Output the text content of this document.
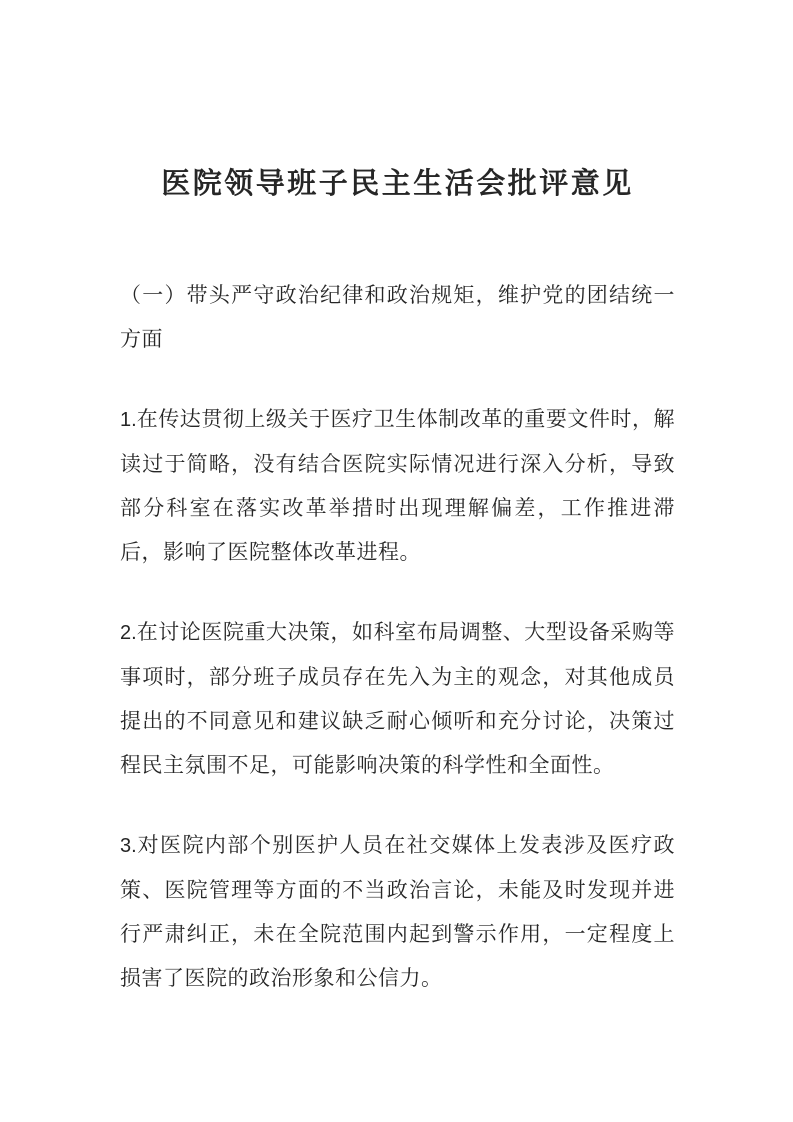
医院领导班子民主生活会批评意见

（一）带头严守政治纪律和政治规矩，维护党的团结统一方面

1.在传达贯彻上级关于医疗卫生体制改革的重要文件时，解读过于简略，没有结合医院实际情况进行深入分析，导致部分科室在落实改革举措时出现理解偏差，工作推进滞后，影响了医院整体改革进程。

2.在讨论医院重大决策，如科室布局调整、大型设备采购等事项时，部分班子成员存在先入为主的观念，对其他成员提出的不同意见和建议缺乏耐心倾听和充分讨论，决策过程民主氛围不足，可能影响决策的科学性和全面性。

3.对医院内部个别医护人员在社交媒体上发表涉及医疗政策、医院管理等方面的不当政治言论，未能及时发现并进行严肃纠正，未在全院范围内起到警示作用，一定程度上损害了医院的政治形象和公信力。
